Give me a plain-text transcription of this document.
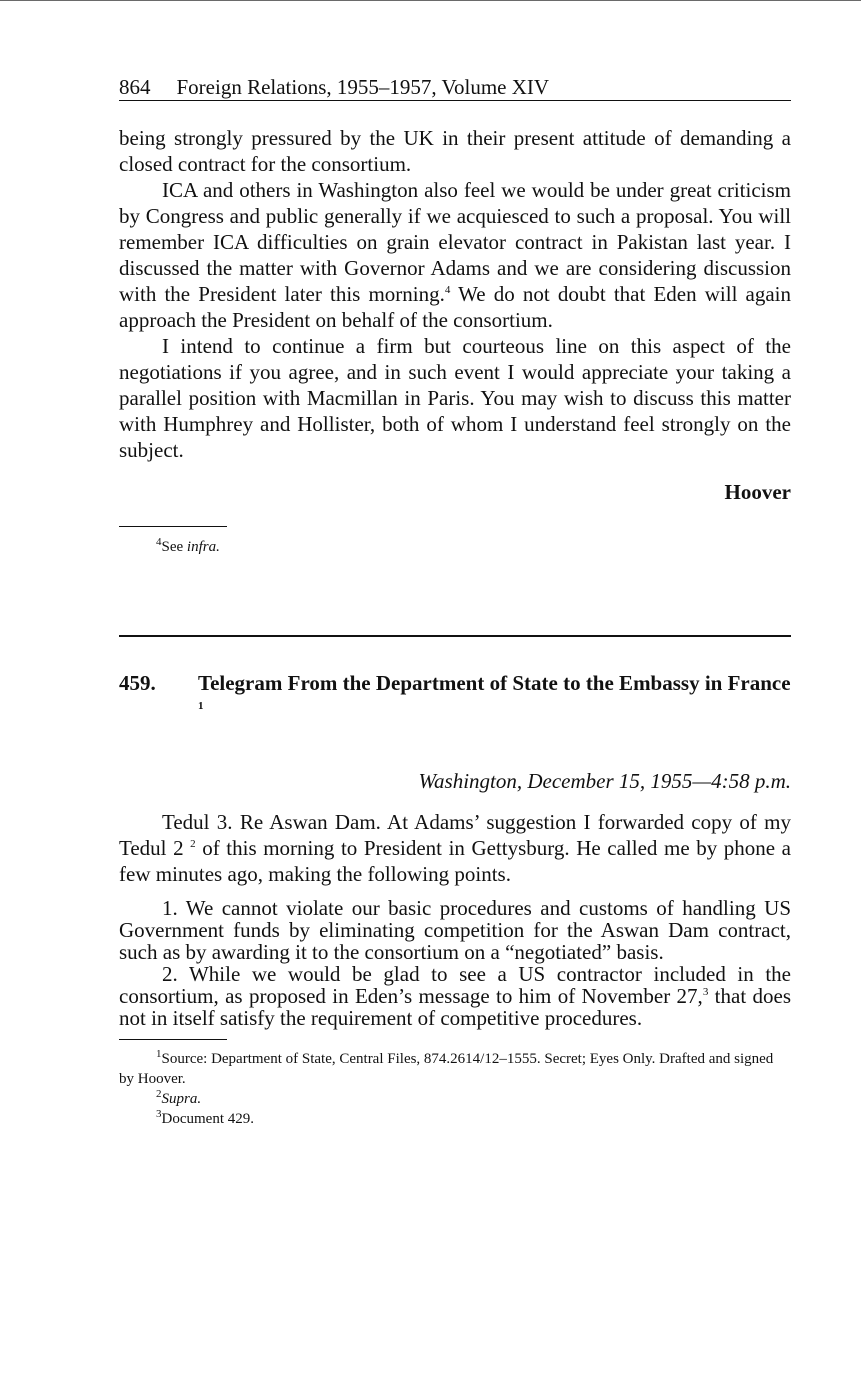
864 Foreign Relations, 1955–1957, Volume XIV

being strongly pressured by the UK in their present attitude of demanding a closed contract for the consortium.

ICA and others in Washington also feel we would be under great criticism by Congress and public generally if we acquiesced to such a proposal. You will remember ICA difficulties on grain elevator contract in Pakistan last year. I discussed the matter with Governor Adams and we are considering discussion with the President later this morning.$^4$ We do not doubt that Eden will again approach the President on behalf of the consortium.

I intend to continue a firm but courteous line on this aspect of the negotiations if you agree, and in such event I would appreciate your taking a parallel position with Macmillan in Paris. You may wish to discuss this matter with Humphrey and Hollister, both of whom I understand feel strongly on the subject.

Hoover

$^4$See infra.

459.	Telegram From the Department of State to the Embassy in France $^1$
Washington, December 15, 1955—4:58 p.m.

Tedul 3. Re Aswan Dam. At Adams’ suggestion I forwarded copy of my Tedul 2 $^2$ of this morning to President in Gettysburg. He called me by phone a few minutes ago, making the following points.

1. We cannot violate our basic procedures and customs of handling US Government funds by eliminating competition for the Aswan Dam contract, such as by awarding it to the consortium on a “negotiated” basis.

2. While we would be glad to see a US contractor included in the consortium, as proposed in Eden’s message to him of November 27,$^3$ that does not in itself satisfy the requirement of competitive procedures.

$^1$Source: Department of State, Central Files, 874.2614/12–1555. Secret; Eyes Only. Drafted and signed by Hoover.

$^2$Supra.

$^3$Document 429.
